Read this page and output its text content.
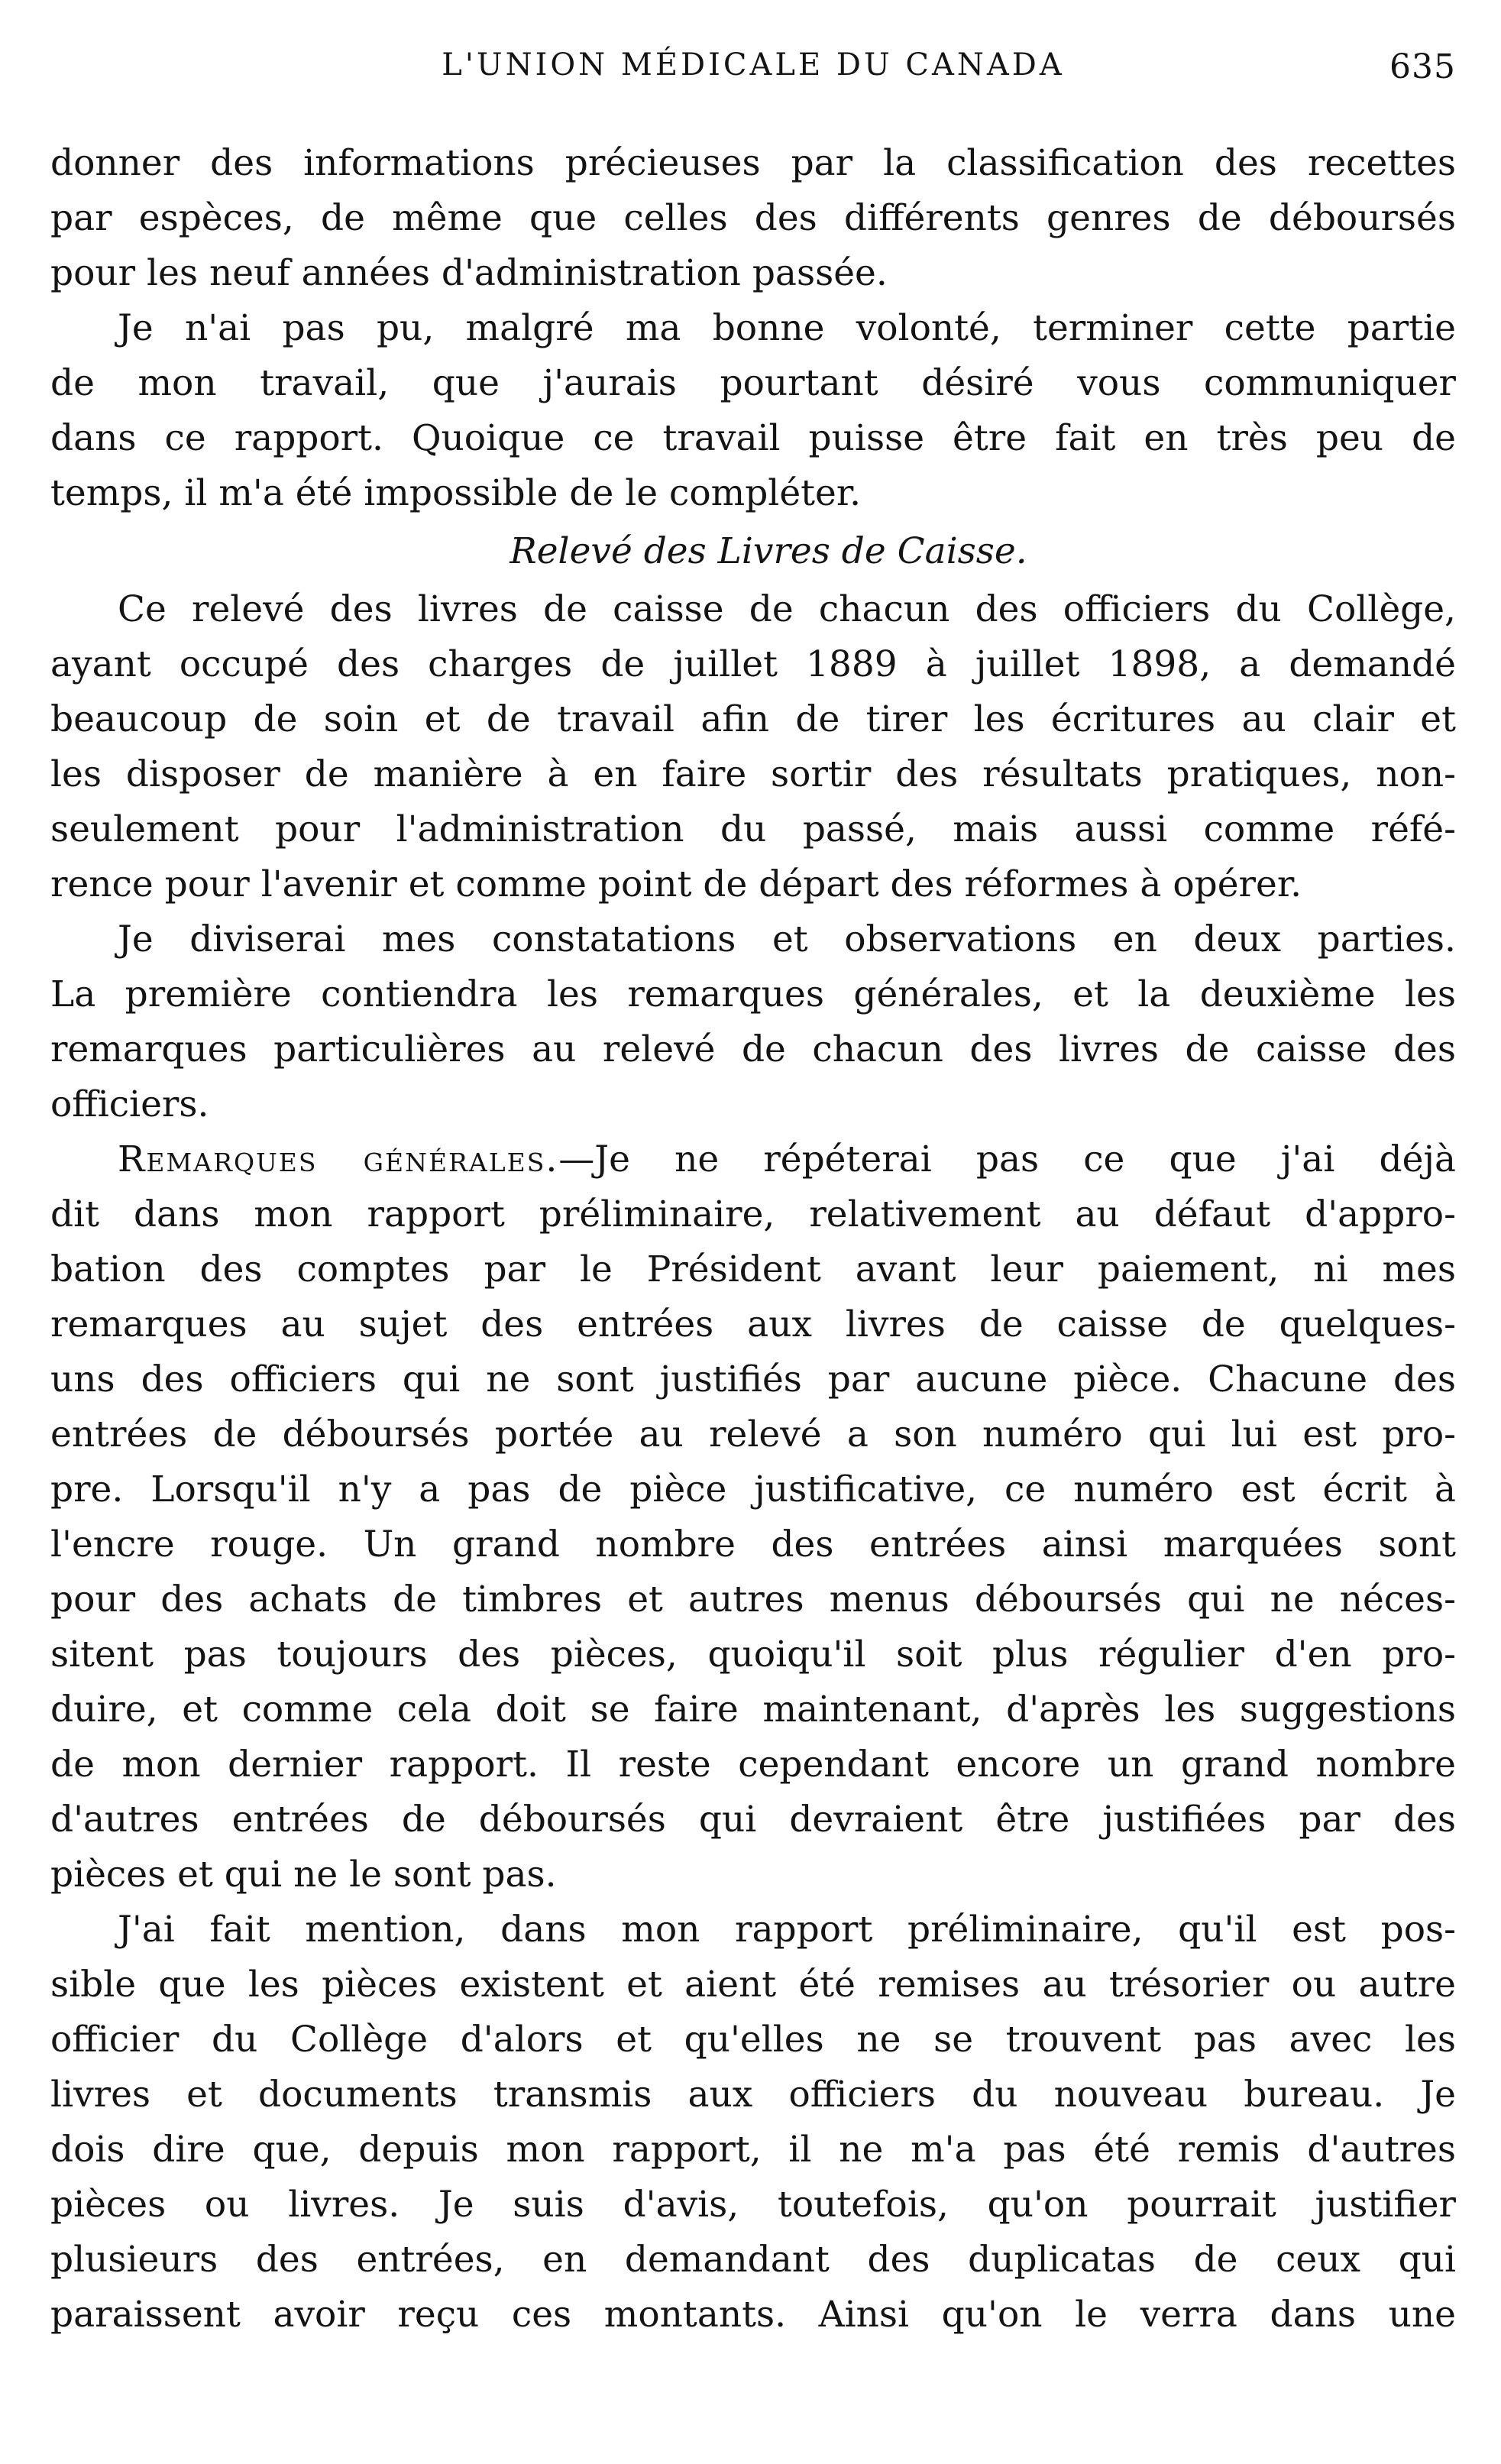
L'UNION MÉDICALE DU CANADA	635
donner des informations précieuses par la classification des recettes
par espèces, de même que celles des différents genres de déboursés
pour les neuf années d'administration passée.
Je n'ai pas pu, malgré ma bonne volonté, terminer cette partie
de mon travail, que j'aurais pourtant désiré vous communiquer
dans ce rapport. Quoique ce travail puisse être fait en très peu de
temps, il m'a été impossible de le compléter.
Relevé des Livres de Caisse.
Ce relevé des livres de caisse de chacun des officiers du Collège,
ayant occupé des charges de juillet 1889 à juillet 1898, a demandé
beaucoup de soin et de travail afin de tirer les écritures au clair et
les disposer de manière à en faire sortir des résultats pratiques, non-
seulement pour l'administration du passé, mais aussi comme réfé-
rence pour l'avenir et comme point de départ des réformes à opérer.
Je diviserai mes constatations et observations en deux parties.
La première contiendra les remarques générales, et la deuxième les
remarques particulières au relevé de chacun des livres de caisse des
officiers.
Remarques générales.—Je ne répéterai pas ce que j'ai déjà
dit dans mon rapport préliminaire, relativement au défaut d'appro-
bation des comptes par le Président avant leur paiement, ni mes
remarques au sujet des entrées aux livres de caisse de quelques-
uns des officiers qui ne sont justifiés par aucune pièce. Chacune des
entrées de déboursés portée au relevé a son numéro qui lui est pro-
pre. Lorsqu'il n'y a pas de pièce justificative, ce numéro est écrit à
l'encre rouge. Un grand nombre des entrées ainsi marquées sont
pour des achats de timbres et autres menus déboursés qui ne néces-
sitent pas toujours des pièces, quoiqu'il soit plus régulier d'en pro-
duire, et comme cela doit se faire maintenant, d'après les suggestions
de mon dernier rapport. Il reste cependant encore un grand nombre
d'autres entrées de déboursés qui devraient être justifiées par des
pièces et qui ne le sont pas.
J'ai fait mention, dans mon rapport préliminaire, qu'il est pos-
sible que les pièces existent et aient été remises au trésorier ou autre
officier du Collège d'alors et qu'elles ne se trouvent pas avec les
livres et documents transmis aux officiers du nouveau bureau. Je
dois dire que, depuis mon rapport, il ne m'a pas été remis d'autres
pièces ou livres. Je suis d'avis, toutefois, qu'on pourrait justifier
plusieurs des entrées, en demandant des duplicatas de ceux qui
paraissent avoir reçu ces montants. Ainsi qu'on le verra dans une
